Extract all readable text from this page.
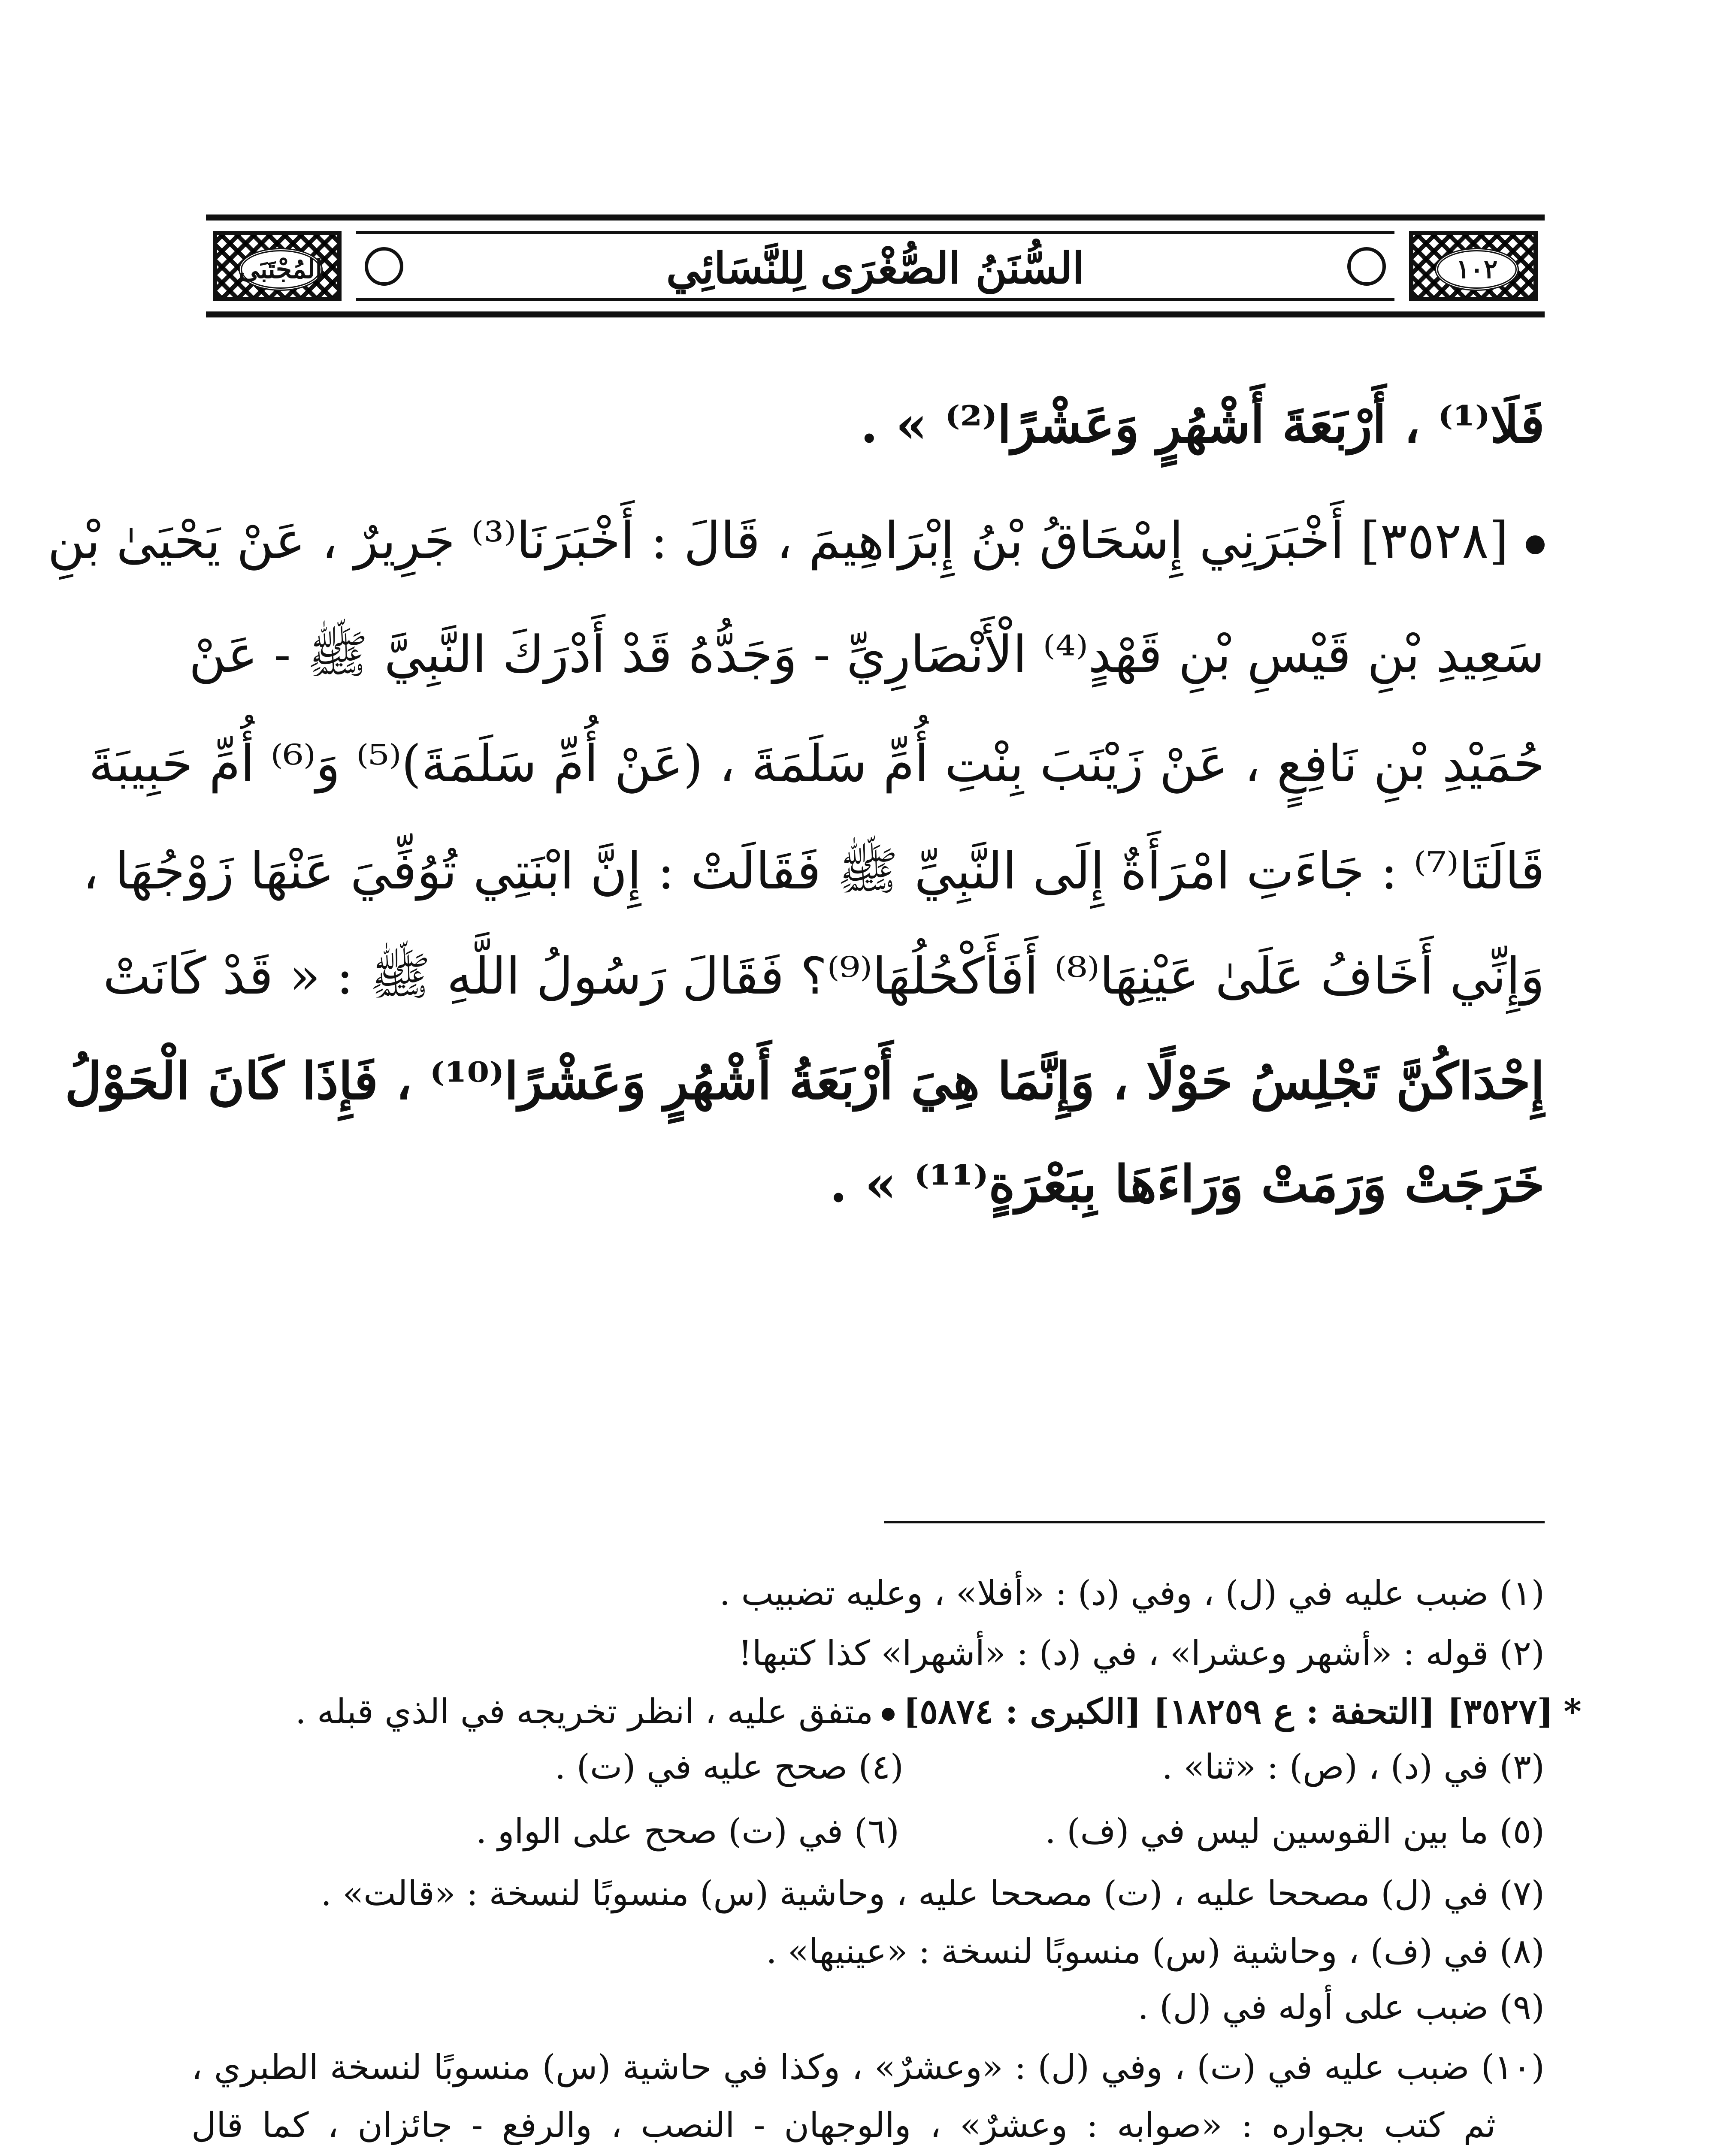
المُجْتَبَى	السُّنَنُ الصُّغْرَى لِلنَّسَائِي	١٠٢
فَلَا⁽¹⁾ ، أَرْبَعَةَ أَشْهُرٍ وَعَشْرًا⁽²⁾ » .
[٣٥٢٨] أَخْبَرَنِي إِسْحَاقُ بْنُ إِبْرَاهِيمَ ، قَالَ : أَخْبَرَنَا⁽³⁾ جَرِيرٌ ، عَنْ يَحْيَىٰ بْنِ
سَعِيدِ بْنِ قَيْسِ بْنِ قَهْدٍ⁽⁴⁾ الْأَنْصَارِيِّ - وَجَدُّهُ قَدْ أَدْرَكَ النَّبِيَّ ﷺ - عَنْ
حُمَيْدِ بْنِ نَافِعٍ ، عَنْ زَيْنَبَ بِنْتِ أُمِّ سَلَمَةَ ، (عَنْ أُمِّ سَلَمَةَ)⁽⁵⁾ وَ⁽⁶⁾ أُمِّ حَبِيبَةَ
قَالَتَا⁽⁷⁾ : جَاءَتِ امْرَأَةٌ إِلَى النَّبِيِّ ﷺ فَقَالَتْ : إِنَّ ابْنَتِي تُوُفِّيَ عَنْهَا زَوْجُهَا ،
وَإِنِّي أَخَافُ عَلَىٰ عَيْنِهَا⁽⁸⁾ أَفَأَكْحُلُهَا⁽⁹⁾؟ فَقَالَ رَسُولُ اللَّهِ ﷺ : « قَدْ كَانَتْ
إِحْدَاكُنَّ تَجْلِسُ حَوْلًا ، وَإِنَّمَا هِيَ أَرْبَعَةُ أَشْهُرٍ وَعَشْرًا⁽¹⁰⁾ ، فَإِذَا كَانَ الْحَوْلُ
خَرَجَتْ وَرَمَتْ وَرَاءَهَا بِبَعْرَةٍ⁽¹¹⁾ » .
(١) ضبب عليه في (ل) ، وفي (د) : «أفلا» ، وعليه تضبيب .
(٢) قوله : «أشهر وعشرا» ، في (د) : «أشهرا» كذا كتبها!
*[٣٥٢٧] [التحفة : ع ١٨٢٥٩] [الكبرى : ٥٨٧٤]متفق عليه ، انظر تخريجه في الذي قبله .
(٣) في (د) ، (ص) : «ثنا» .
(٤) صحح عليه في (ت) .
(٥) ما بين القوسين ليس في (ف) .
(٦) في (ت) صحح على الواو .
(٧) في (ل) مصححا عليه ، (ت) مصححا عليه ، وحاشية (س) منسوبًا لنسخة : «قالت» .
(٨) في (ف) ، وحاشية (س) منسوبًا لنسخة : «عينيها» .
(٩) ضبب على أوله في (ل) .
(١٠) ضبب عليه في (ت) ، وفي (ل) : «وعشرٌ» ، وكذا في حاشية (س) منسوبًا لنسخة الطبري ،
ثم كتب بجواره : «صوابه : وعشرٌ» ، والوجهان - النصب ، والرفع - جائزان ، كما قال
